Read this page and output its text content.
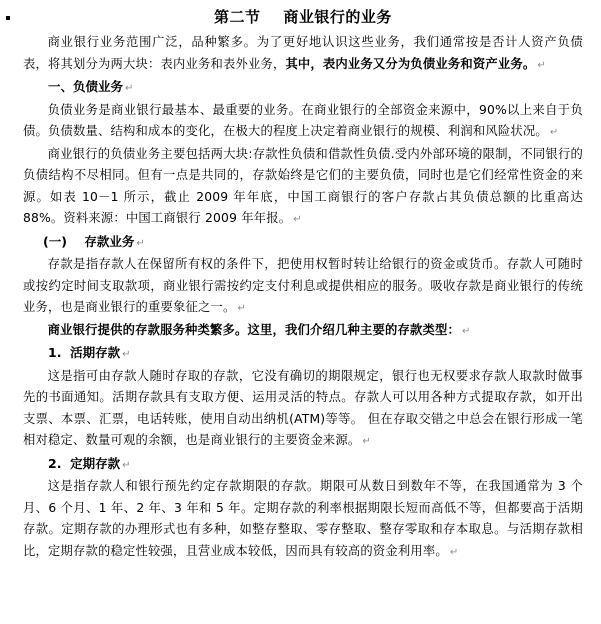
第二节    商业银行的业务

商业银行业务范围广泛，品种繁多。为了更好地认识这些业务，我们通常按是否计人资产负债表，将其划分为两大块：表内业务和表外业务，其中，表内业务又分为负债业务和资产业务。 ↵

一、负债业务 ↵

负债业务是商业银行最基本、最重要的业务。在商业银行的全部资金来源中，90%以上来自于负债。负债数量、结构和成本的变化，在极大的程度上决定着商业银行的规模、利润和风险状况。 ↵

商业银行的负债业务主要包括两大块:存款性负债和借款性负债.受内外部环境的限制，不同银行的负债结构不尽相同。但有一点是共同的，存款始终是它们的主要负债，同时也是它们经常性资金的来源。如表 10－1 所示，截止 2009 年年底，中国工商银行的客户存款占其负债总额的比重高达 88%。资料来源：中国工商银行 2009 年年报。 ↵

(一)    存款业务 ↵

存款是指存款人在保留所有权的条件下，把使用权暂时转让给银行的资金或货币。存款人可随时或按约定时间支取款项，商业银行需按约定支付利息或提供相应的服务。吸收存款是商业银行的传统业务，也是商业银行的重要象征之一。 ↵

商业银行提供的存款服务种类繁多。这里，我们介绍几种主要的存款类型： ↵

1.  活期存款 ↵

这是指可由存款人随时存取的存款，它没有确切的期限规定，银行也无权要求存款人取款时做事先的书面通知。活期存款具有支取方便、运用灵活的特点。存款人可以用各种方式提取存款，如开出支票、本票、汇票，电话转账，使用自动出纳机(ATM)等等。 但在存取交错之中总会在银行形成一笔相对稳定、数量可观的余额，也是商业银行的主要资金来源。 ↵

2.  定期存款 ↵

这是指存款人和银行预先约定存款期限的存款。期限可从数日到数年不等，在我国通常为 3 个月、6 个月、1 年、2 年、3 年和 5 年。定期存款的利率根据期限长短而高低不等，但都要高于活期存款。定期存款的办理形式也有多种，如整存整取、零存整取、整存零取和存本取息。与活期存款相比，定期存款的稳定性较强，且营业成本较低，因而具有较高的资金利用率。 ↵
